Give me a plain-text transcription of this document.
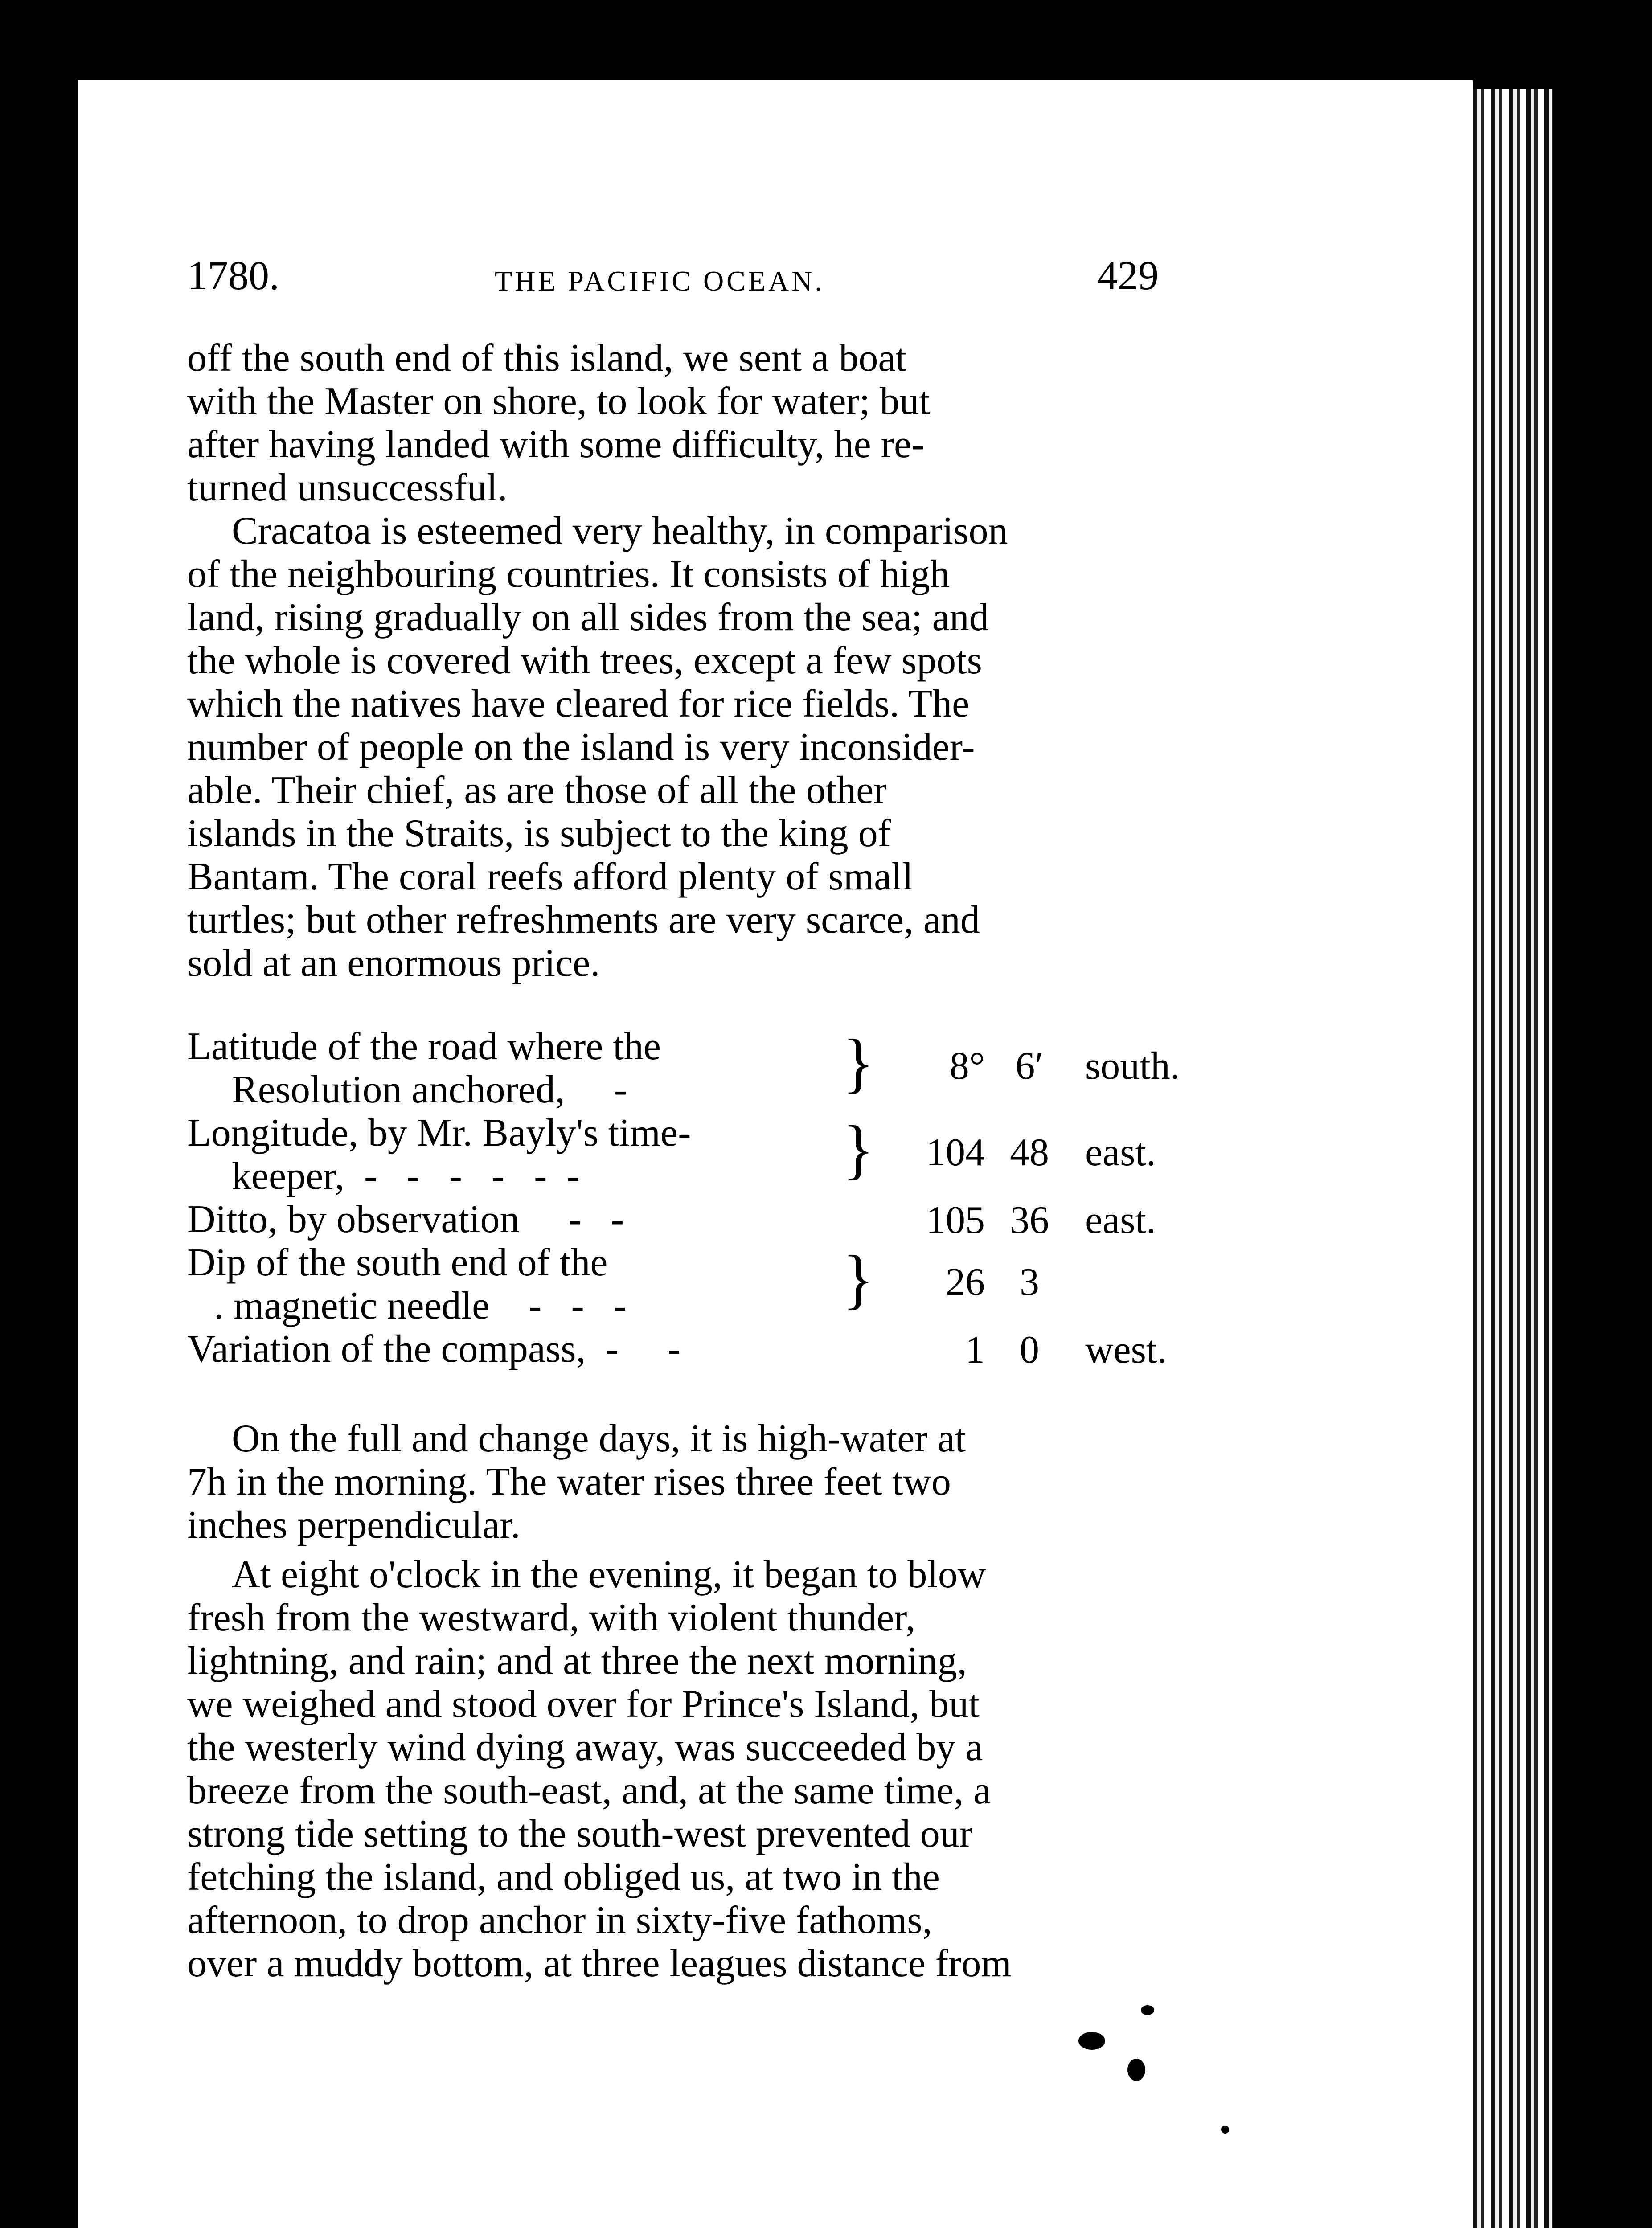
1780.	THE PACIFIC OCEAN.	429

off the south end of this island, we sent a boat
with the Master on shore, to look for water; but
after having landed with some difficulty, he re-
turned unsuccessful.

Cracatoa is esteemed very healthy, in comparison
of the neighbouring countries. It consists of high
land, rising gradually on all sides from the sea; and
the whole is covered with trees, except a few spots
which the natives have cleared for rice fields. The
number of people on the island is very inconsider-
able. Their chief, as are those of all the other
islands in the Straits, is subject to the king of
Bantam. The coral reefs afford plenty of small
turtles; but other refreshments are very scarce, and
sold at an enormous price.

Latitude of the road where the
Resolution anchored,     -	}	8° 6′	south.
Longitude, by Mr. Bayly's time-
keeper,  -   -   -   -   -  -	}	104 48 east.
Ditto, by observation     -   -	105 36 east.
Dip of the south end of the
. magnetic needle    -   -   -	}	26 3
Variation of the compass,  -     -	1 0	west.

On the full and change days, it is high-water at
7h in the morning. The water rises three feet two
inches perpendicular.

At eight o'clock in the evening, it began to blow
fresh from the westward, with violent thunder,
lightning, and rain; and at three the next morning,
we weighed and stood over for Prince's Island, but
the westerly wind dying away, was succeeded by a
breeze from the south-east, and, at the same time, a
strong tide setting to the south-west prevented our
fetching the island, and obliged us, at two in the
afternoon, to drop anchor in sixty-five fathoms,
over a muddy bottom, at three leagues distance from
